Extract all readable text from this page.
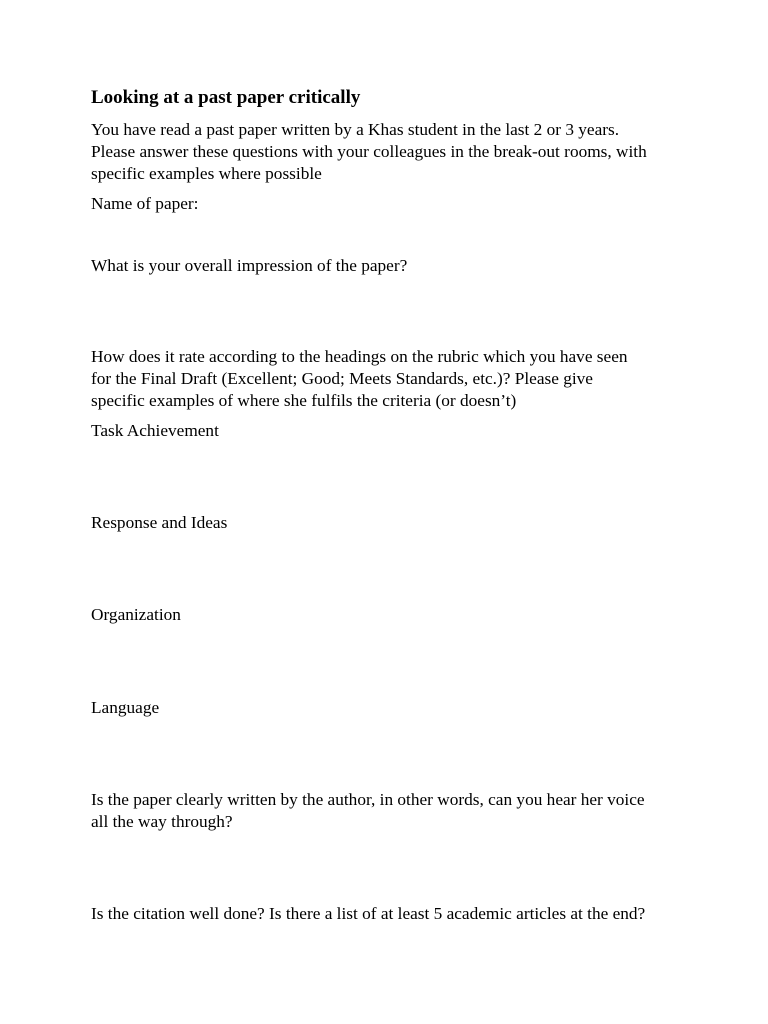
Looking at a past paper critically

You have read a past paper written by a Khas student in the last 2 or 3 years.

Please answer these questions with your colleagues in the break-out rooms, with

specific examples where possible

Name of paper:

What is your overall impression of the paper?

How does it rate according to the headings on the rubric which you have seen

for the Final Draft (Excellent; Good; Meets Standards, etc.)? Please give

specific examples of where she fulfils the criteria (or doesn’t)

Task Achievement

Response and Ideas

Organization

Language

Is the paper clearly written by the author, in other words, can you hear her voice

all the way through?

Is the citation well done? Is there a list of at least 5 academic articles at the end?
